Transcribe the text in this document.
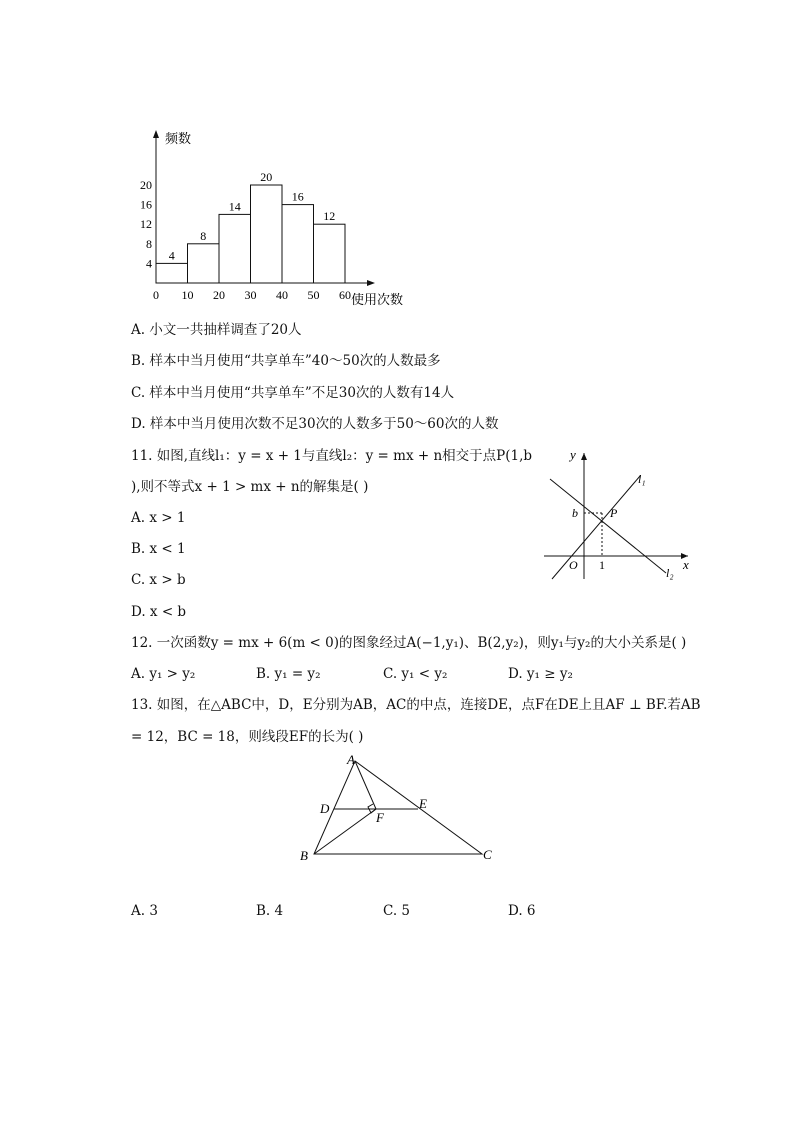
频数
使用次数
0 10 20 30 40 50 60
4
8
12
16
20
4
8
14
20
16
12
A. 小文一共抽样调查了20人
B. 样本中当月使用“共享单车”40～50次的人数最多
C. 样本中当月使用“共享单车”不足30次的人数有14人
D. 样本中当月使用次数不足30次的人数多于50～60次的人数
11. 如图,直线l₁：y = x + 1与直线l₂：y = mx + n相交于点P(1,b
),则不等式x + 1 > mx + n的解集是( )
A. x > 1
B. x < 1
C. x > b
D. x < b
y
x
O
b
1
P
l₁
l₂
12. 一次函数y = mx + 6(m < 0)的图象经过A(−1,y₁)、B(2,y₂)，则y₁与y₂的大小关系是( )
A. y₁ > y₂	B. y₁ = y₂	C. y₁ < y₂	D. y₁ ≥ y₂
13. 如图，在△ABC中，D，E分别为AB，AC的中点，连接DE，点F在DE上且AF ⊥ BF.若AB
= 12，BC = 18，则线段EF的长为( )
A
B	C
D	E
F
A. 3	B. 4	C. 5	D. 6
